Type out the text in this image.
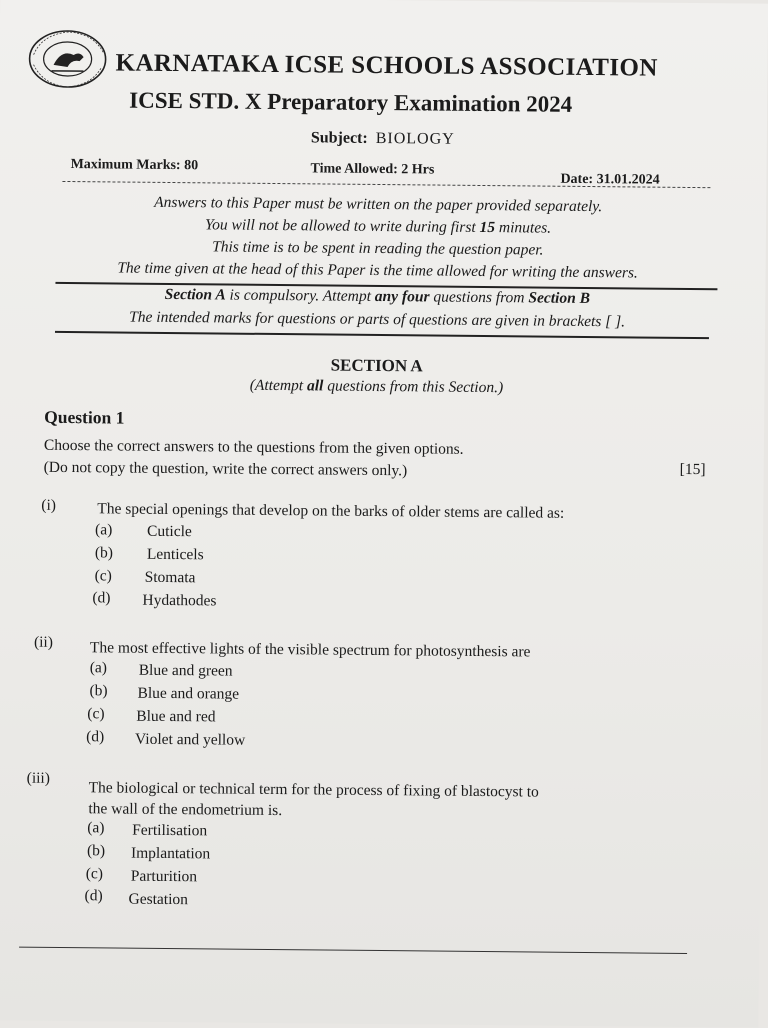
KARNATAKA ICSE SCHOOLS ASSOCIATION
ICSE STD. X Preparatory Examination 2024
Subject: BIOLOGY
Maximum Marks: 80	Time Allowed: 2 Hrs
Date: 31.01.2024
Answers to this Paper must be written on the paper provided separately.
You will not be allowed to write during first 15 minutes.
This time is to be spent in reading the question paper.
The time given at the head of this Paper is the time allowed for writing the answers.
Section A is compulsory. Attempt any four questions from Section B
The intended marks for questions or parts of questions are given in brackets [ ].
SECTION A
(Attempt all questions from this Section.)
Question 1
Choose the correct answers to the questions from the given options.
(Do not copy the question, write the correct answers only.)	[15]
(i)	The special openings that develop on the barks of older stems are called as:
(a) Cuticle
(b) Lenticels
(c) Stomata
(d) Hydathodes
(ii) The most effective lights of the visible spectrum for photosynthesis are
(a) Blue and green
(b) Blue and orange
(c) Blue and red
(d) Violet and yellow
(iii)
The biological or technical term for the process of fixing of blastocyst to
the wall of the endometrium is.
(a) Fertilisation
(b) Implantation
(c) Parturition
(d) Gestation
